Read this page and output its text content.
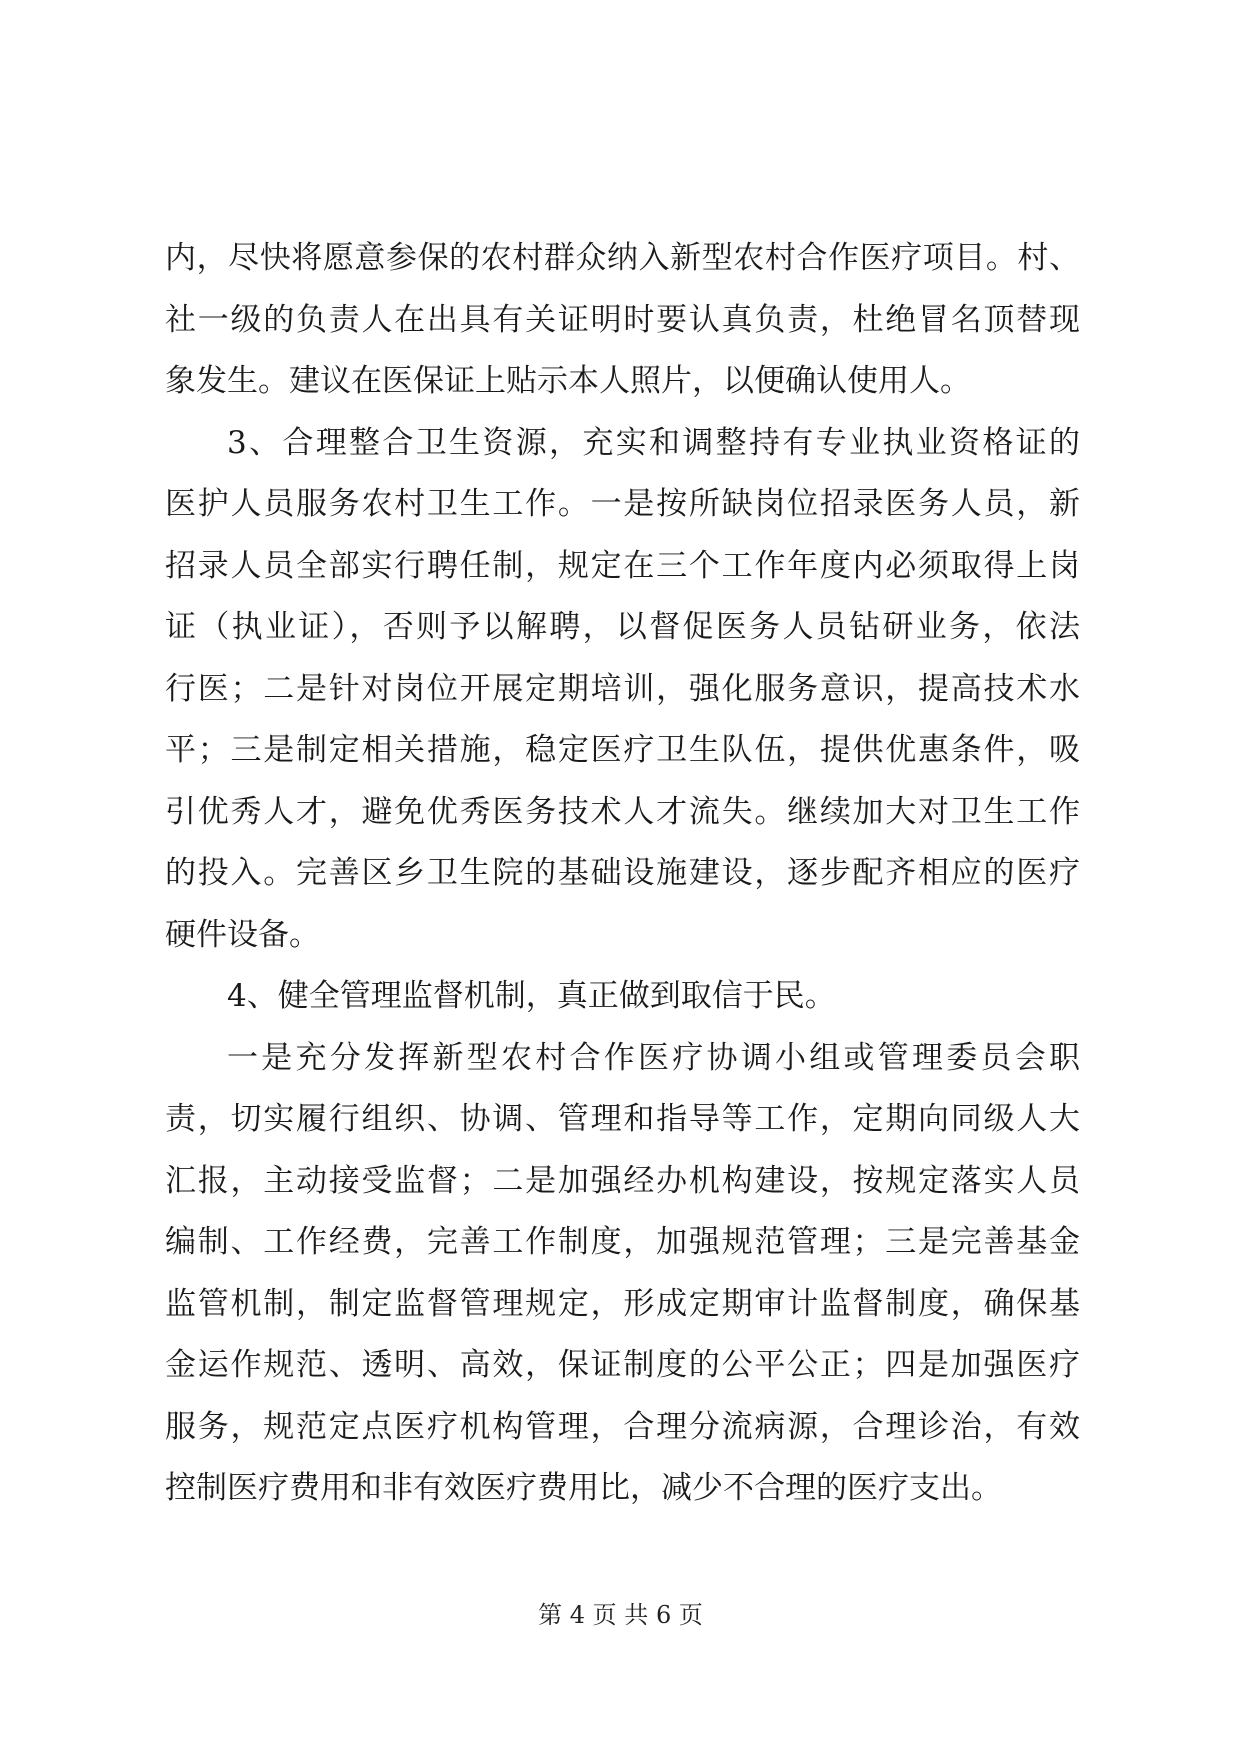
内，尽快将愿意参保的农村群众纳入新型农村合作医疗项目。村、
社一级的负责人在出具有关证明时要认真负责，杜绝冒名顶替现
象发生。建议在医保证上贴示本人照片，以便确认使用人。
3、合理整合卫生资源，充实和调整持有专业执业资格证的
医护人员服务农村卫生工作。一是按所缺岗位招录医务人员，新
招录人员全部实行聘任制，规定在三个工作年度内必须取得上岗
证（执业证），否则予以解聘，以督促医务人员钻研业务，依法
行医；二是针对岗位开展定期培训，强化服务意识，提高技术水
平；三是制定相关措施，稳定医疗卫生队伍，提供优惠条件，吸
引优秀人才，避免优秀医务技术人才流失。继续加大对卫生工作
的投入。完善区乡卫生院的基础设施建设，逐步配齐相应的医疗
硬件设备。
4、健全管理监督机制，真正做到取信于民。
一是充分发挥新型农村合作医疗协调小组或管理委员会职
责，切实履行组织、协调、管理和指导等工作，定期向同级人大
汇报，主动接受监督；二是加强经办机构建设，按规定落实人员
编制、工作经费，完善工作制度，加强规范管理；三是完善基金
监管机制，制定监督管理规定，形成定期审计监督制度，确保基
金运作规范、透明、高效，保证制度的公平公正；四是加强医疗
服务，规范定点医疗机构管理，合理分流病源，合理诊治，有效
控制医疗费用和非有效医疗费用比，减少不合理的医疗支出。
第 4 页 共 6 页
